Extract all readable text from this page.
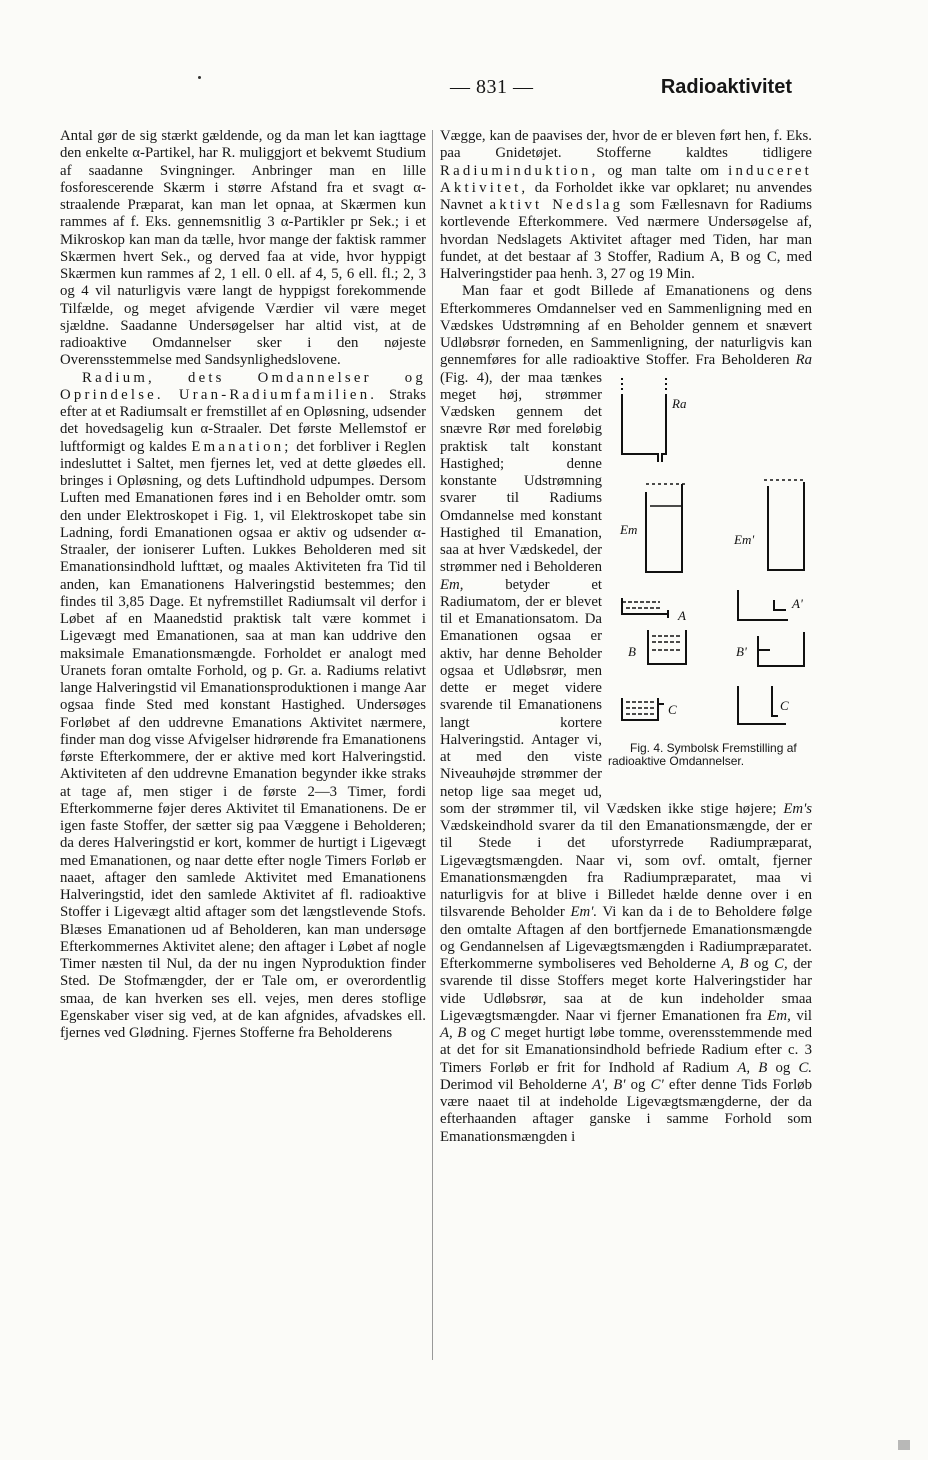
— 831 —	Radioaktivitet

Antal gør de sig stærkt gældende, og da man let kan iagttage den enkelte α-Partikel, har R. muliggjort et bekvemt Studium af saadanne Svingninger. Anbringer man en lille fosforescerende Skærm i større Afstand fra et svagt α-straalende Præparat, kan man let opnaa, at Skærmen kun rammes af f. Eks. gennemsnitlig 3 α-Partikler pr Sek.; i et Mikroskop kan man da tælle, hvor mange der faktisk rammer Skærmen hvert Sek., og derved faa at vide, hvor hyppigt Skærmen kun rammes af 2, 1 ell. 0 ell. af 4, 5, 6 ell. fl.; 2, 3 og 4 vil naturligvis være langt de hyppigst forekommende Tilfælde, og meget afvigende Værdier vil være meget sjældne. Saadanne Undersøgelser har altid vist, at de radioaktive Omdannelser sker i den nøjeste Overensstemmelse med Sandsynlighedslovene.

Radium, dets Omdannelser og Oprindelse. Uran-Radiumfamilien. Straks efter at et Radiumsalt er fremstillet af en Opløsning, udsender det hovedsagelig kun α-Straaler. Det første Mellemstof er luftformigt og kaldes Emanation; det forbliver i Reglen indesluttet i Saltet, men fjernes let, ved at dette gløedes ell. bringes i Opløsning, og dets Luftindhold udpumpes. Dersom Luften med Emanationen føres ind i en Beholder omtr. som den under Elektroskopet i Fig. 1, vil Elektroskopet tabe sin Ladning, fordi Emanationen ogsaa er aktiv og udsender α-Straaler, der ioniserer Luften. Lukkes Beholderen med sit Emanationsindhold lufttæt, og maales Aktiviteten fra Tid til anden, kan Emanationens Halveringstid bestemmes; den findes til 3,85 Dage. Et nyfremstillet Radiumsalt vil derfor i Løbet af en Maanedstid praktisk talt være kommet i Ligevægt med Emanationen, saa at man kan uddrive den maksimale Emanationsmængde. Forholdet er analogt med Uranets foran omtalte Forhold, og p. Gr. a. Radiums relativt lange Halveringstid vil Emanationsproduktionen i mange Aar ogsaa finde Sted med konstant Hastighed. Undersøges Forløbet af den uddrevne Emanations Aktivitet nærmere, finder man dog visse Afvigelser hidrørende fra Emanationens første Efterkommere, der er aktive med kort Halveringstid. Aktiviteten af den uddrevne Emanation begynder ikke straks at tage af, men stiger i de første 2—3 Timer, fordi Efterkommerne føjer deres Aktivitet til Emanationens. De er igen faste Stoffer, der sætter sig paa Væggene i Beholderen; da deres Halveringstid er kort, kommer de hurtigt i Ligevægt med Emanationen, og naar dette efter nogle Timers Forløb er naaet, aftager den samlede Aktivitet med Emanationens Halveringstid, idet den samlede Aktivitet af fl. radioaktive Stoffer i Ligevægt altid aftager som det længstlevende Stofs. Blæses Emanationen ud af Beholderen, kan man undersøge Efterkommernes Aktivitet alene; den aftager i Løbet af nogle Timer næsten til Nul, da der nu ingen Nyproduktion finder Sted. De Stofmængder, der er Tale om, er overordentlig smaa, de kan hverken ses ell. vejes, men deres stoflige Egenskaber viser sig ved, at de kan afgnides, afvadskes ell. fjernes ved Glødning. Fjernes Stofferne fra Beholderens

Vægge, kan de paavises der, hvor de er bleven ført hen, f. Eks. paa Gnidetøjet. Stofferne kaldtes tidligere Radiuminduktion, og man talte om induceret Aktivitet, da Forholdet ikke var opklaret; nu anvendes Navnet aktivt Nedslag som Fællesnavn for Radiums kortlevende Efterkommere. Ved nærmere Undersøgelse af, hvordan Nedslagets Aktivitet aftager med Tiden, har man fundet, at det bestaar af 3 Stoffer, Radium A, B og C, med Halveringstider paa henh. 3, 27 og 19 Min.

Man faar et godt Billede af Emanationens og dens Efterkommeres Omdannelser ved en Sammenligning med en Vædskes Udstrømning af en Beholder gennem et snævert Udløbsrør forneden, en Sammenligning, der naturligvis kan gennemføres for alle radioaktive Stoffer. Fra Beholderen Ra
Ra
Em
Em'
A
A'
B	B'
C	C
Fig. 4. Symbolsk Fremstilling af radioaktive Omdannelser.
(Fig. 4), der maa tænkes meget høj, strømmer Vædsken gennem det snævre Rør med foreløbig praktisk talt konstant Hastighed; denne konstante Udstrømning svarer til Radiums Omdannelse med konstant Hastighed til Emanation, saa at hver Vædskedel, der strømmer ned i Beholderen Em,	betyder et Radiumatom, der er blevet til et Emanationsatom. Da Emanationen ogsaa er aktiv, har denne Beholder ogsaa et Udløbsrør, men dette er meget videre svarende til Emanationens langt kortere Halveringstid. Antager vi, at med den viste Niveauhøjde strømmer der netop lige saa meget ud, som der strømmer til, vil Vædsken ikke stige højere; Em's Vædskeindhold svarer da til den Emanationsmængde, der er til Stede i det uforstyrrede Radiumpræparat, Ligevægtsmængden. Naar vi, som ovf. omtalt, fjerner Emanationsmængden fra Radiumpræparatet, maa vi naturligvis for at blive i Billedet hælde denne over i en tilsvarende Beholder Em'. Vi kan da i de to Beholdere følge den omtalte Aftagen af den bortfjernede Emanationsmængde og Gendannelsen af Ligevægtsmængden i Radiumpræparatet. Efterkommerne symboliseres ved Beholderne A, B og C, der svarende til disse Stoffers meget korte Halveringstider har vide Udløbsrør, saa at de kun indeholder smaa Ligevægtsmængder. Naar vi fjerner Emanationen fra Em, vil A, B og C meget hurtigt løbe tomme, overensstemmende med at det for sit Emanationsindhold befriede Radium efter c. 3 Timers Forløb er frit for Indhold af Radium A, B og C. Derimod vil Beholderne A', B' og C' efter denne Tids Forløb være naaet til at indeholde Ligevægtsmængderne, der da efterhaanden aftager ganske i samme Forhold som Emanationsmængden i
